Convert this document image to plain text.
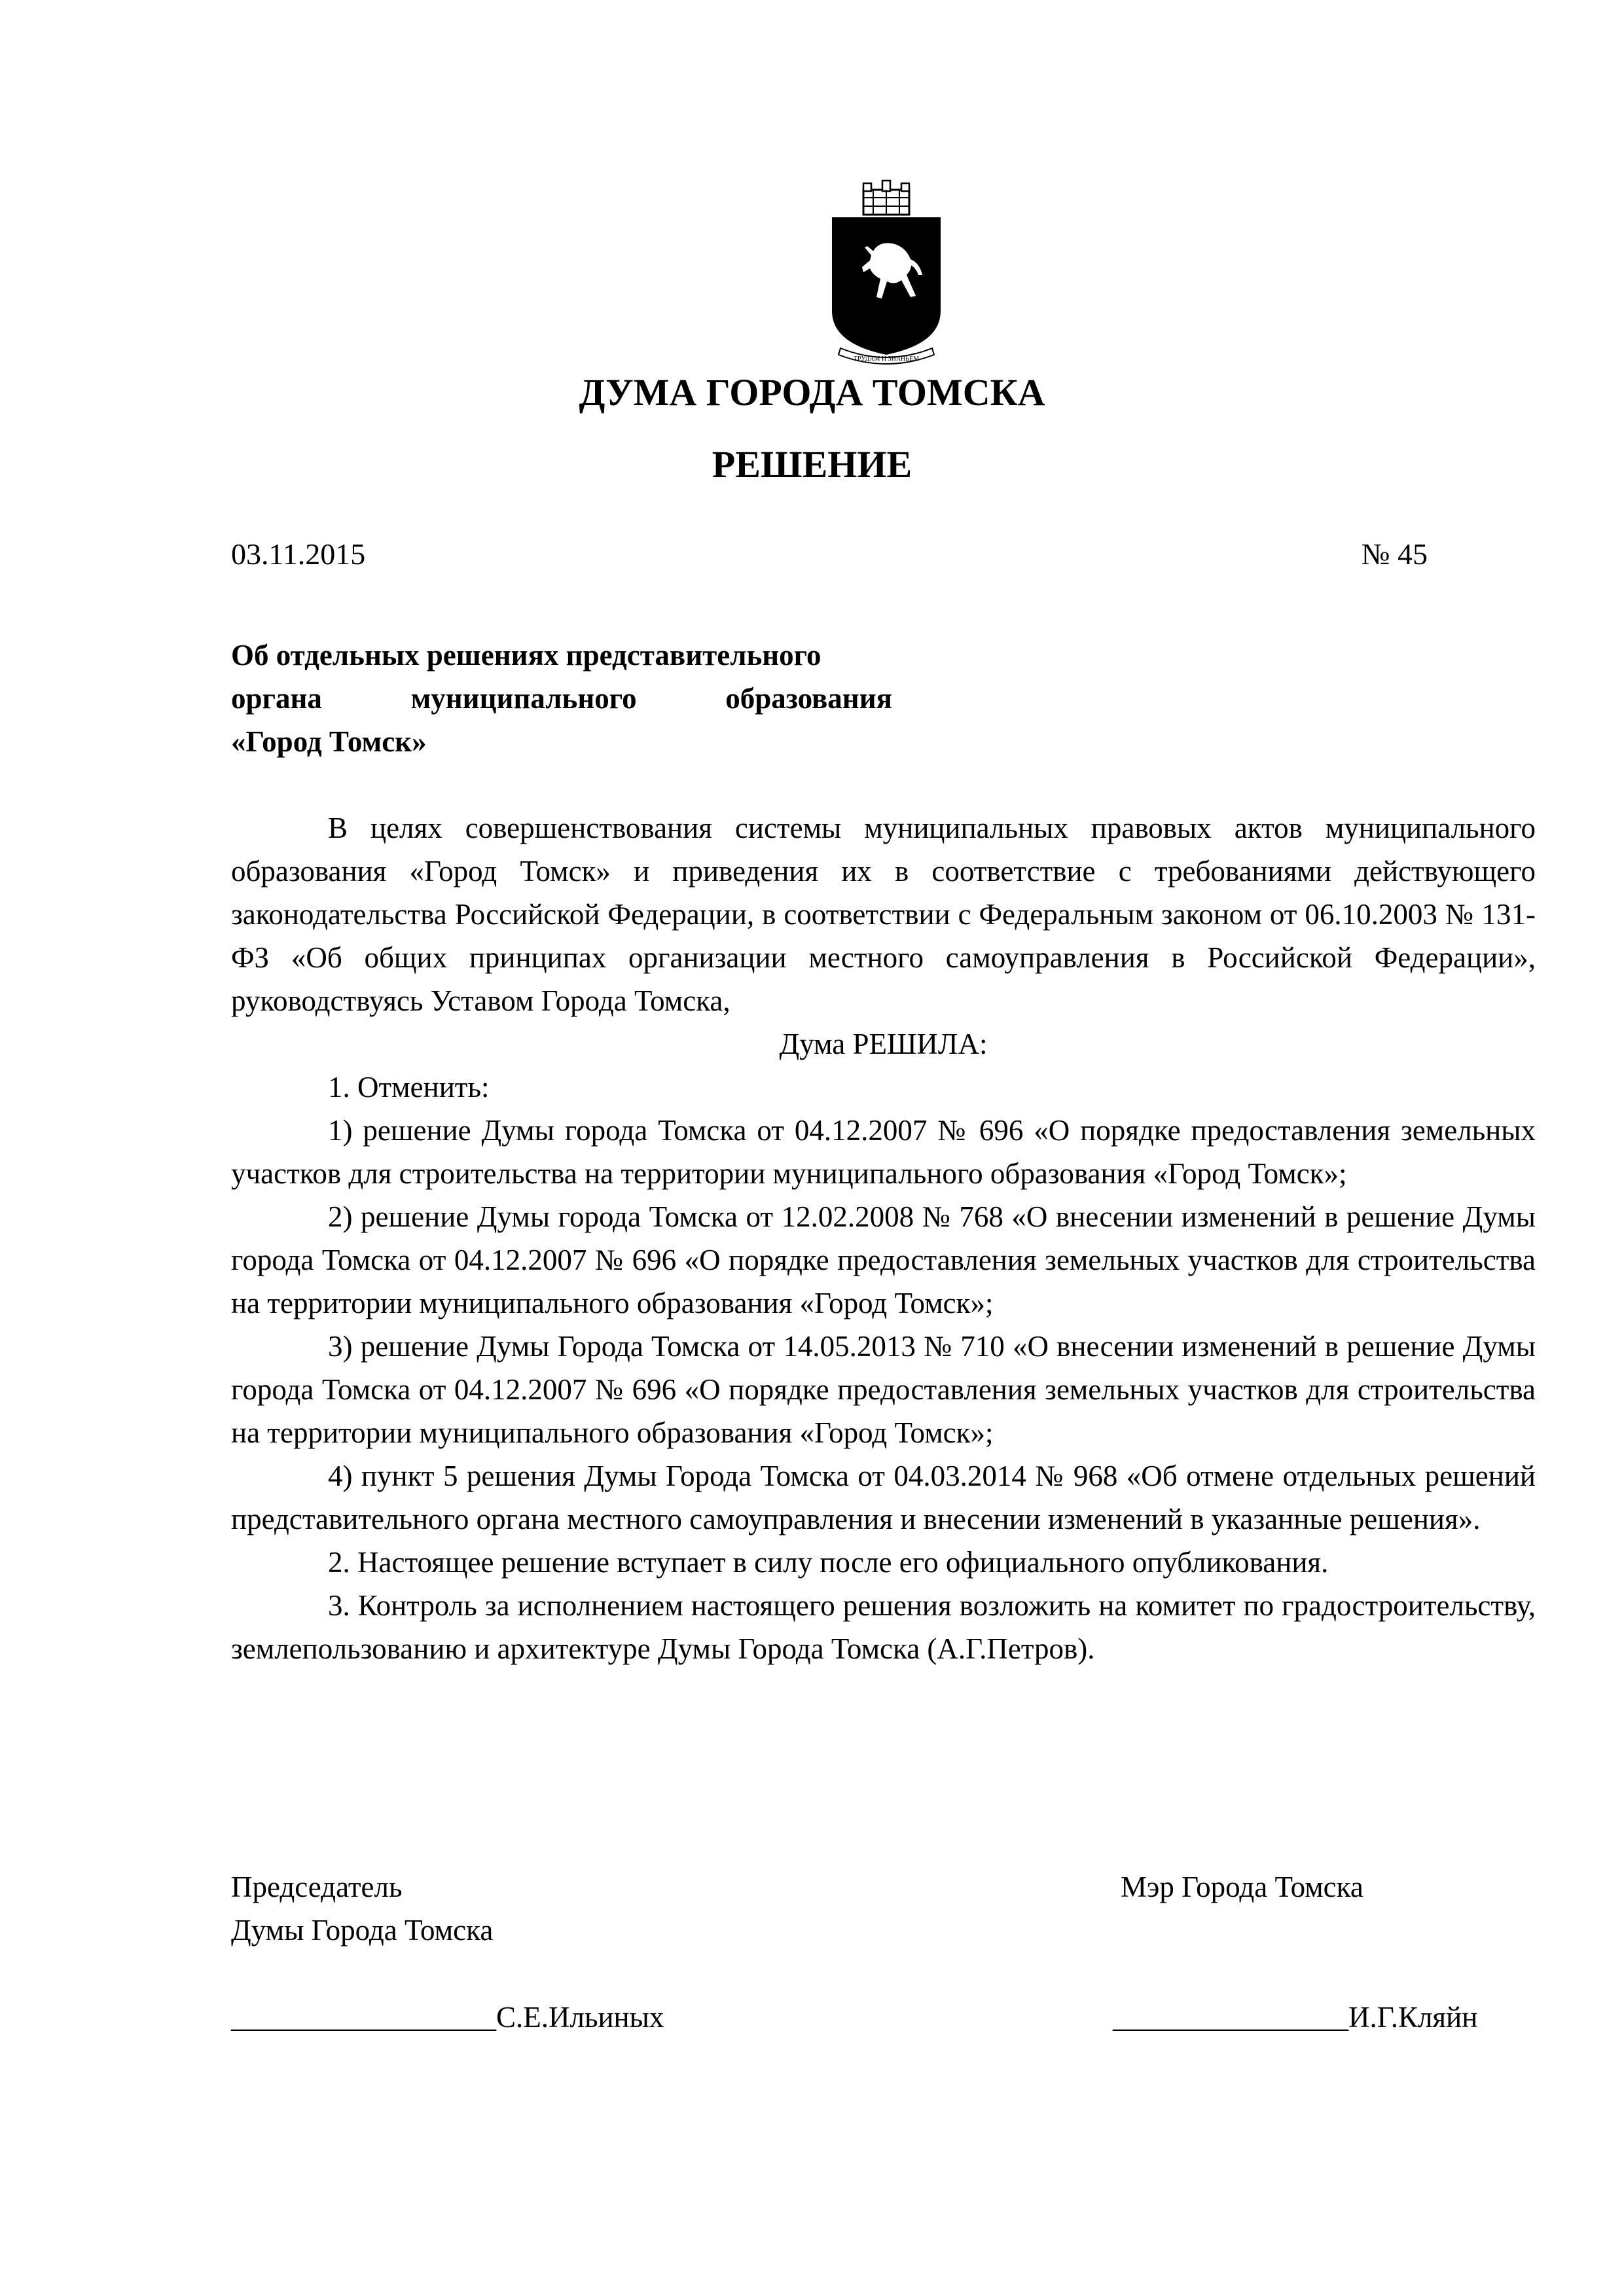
ТРУДАМ И ЗНАНЬЕМ
ДУМА ГОРОДА ТОМСКА
РЕШЕНИЕ
03.11.2015	№ 45
Об отдельных решениях представительного
органа муниципального образования
«Город Томск»

В целях совершенствования системы муниципальных правовых актов муниципального образования «Город Томск» и приведения их в соответствие с требованиями действующего законодательства Российской Федерации, в соответствии с Федеральным законом от 06.10.2003 № 131-ФЗ «Об общих принципах организации местного самоуправления в Российской Федерации», руководствуясь Уставом Города Томска,

Дума РЕШИЛА:

1. Отменить:

1) решение Думы города Томска от 04.12.2007 № 696 «О порядке предоставления земельных участков для строительства на территории муниципального образования «Город Томск»;

2) решение Думы города Томска от 12.02.2008 № 768 «О внесении изменений в решение Думы города Томска от 04.12.2007 № 696 «О порядке предоставления земельных участков для строительства на территории муниципального образования «Город Томск»;

3) решение Думы Города Томска от 14.05.2013 № 710 «О внесении изменений в решение Думы города Томска от 04.12.2007 № 696 «О порядке предоставления земельных участков для строительства на территории муниципального образования «Город Томск»;

4) пункт 5 решения Думы Города Томска от 04.03.2014 № 968 «Об отмене отдельных решений представительного органа местного самоуправления и внесении изменений в указанные решения».

2. Настоящее решение вступает в силу после его официального опубликования.

3. Контроль за исполнением настоящего решения возложить на комитет по градостроительству, землепользованию и архитектуре Думы Города Томска (А.Г.Петров).

Председатель
Думы Города Томска
__________________С.Е.Ильиных
Мэр Города Томска
________________И.Г.Кляйн
